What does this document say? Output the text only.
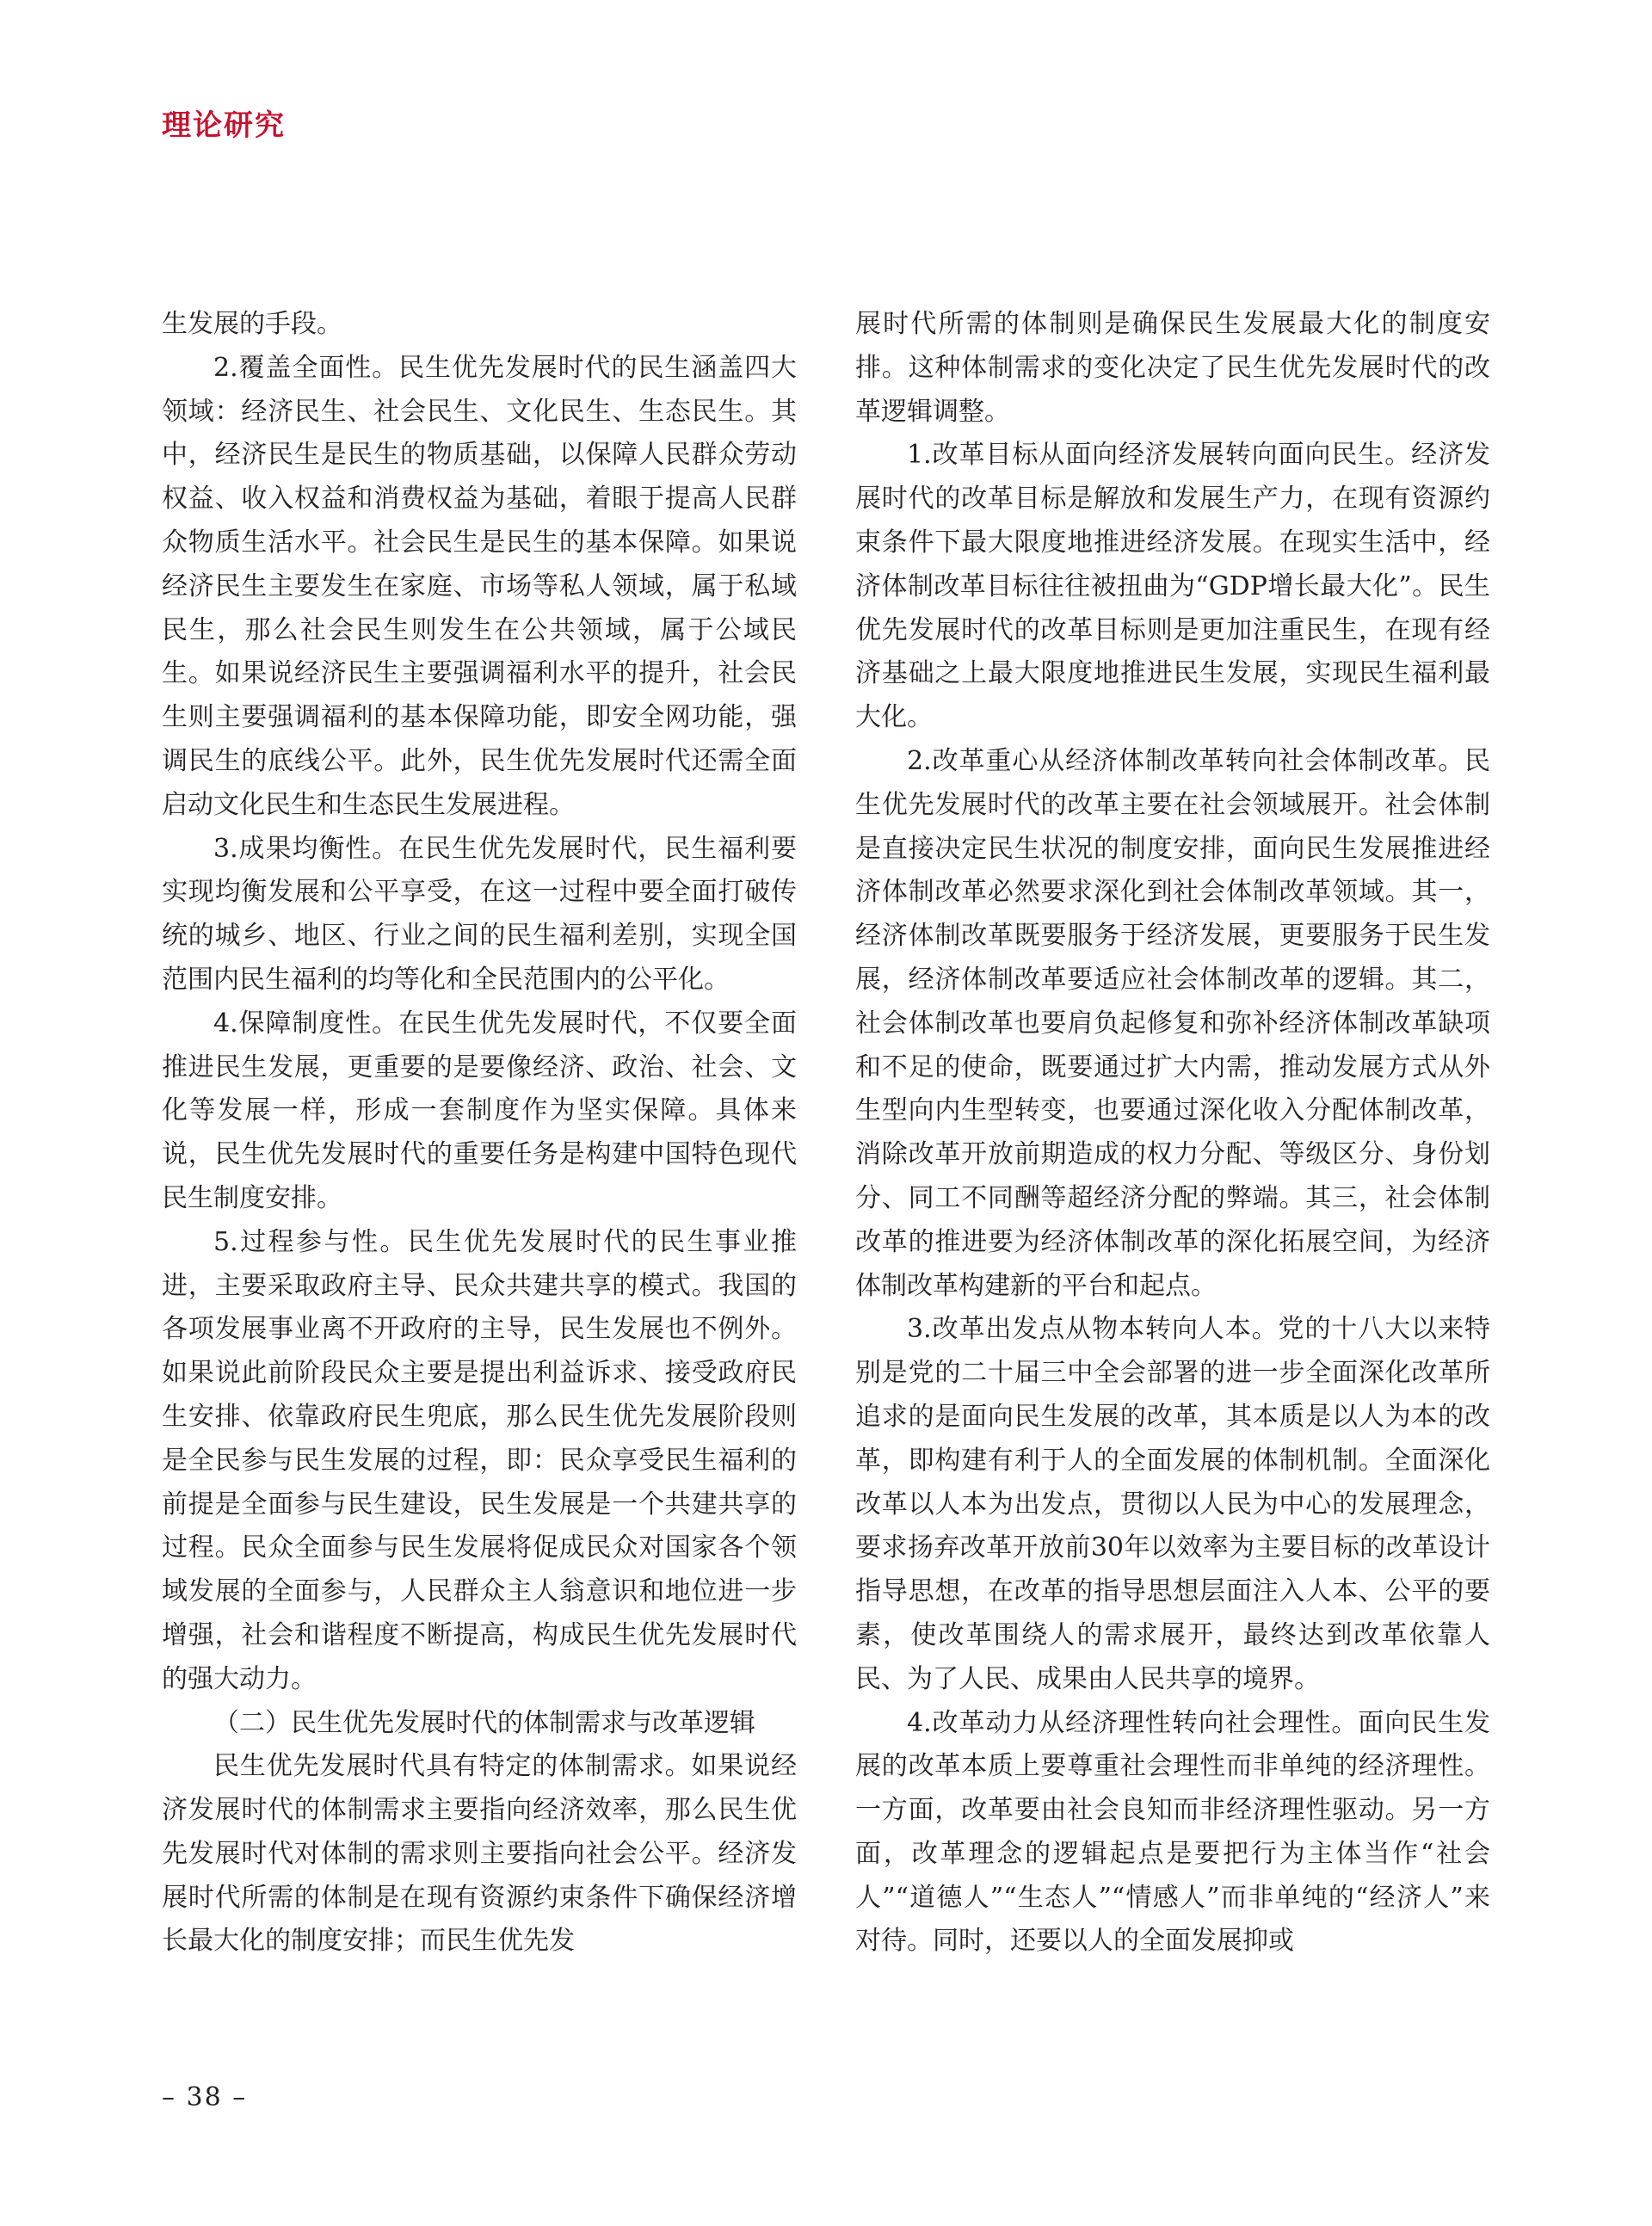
理论研究

生发展的手段。

2.覆盖全面性。民生优先发展时代的民生涵盖四大领域：经济民生、社会民生、文化民生、生态民生。其中，经济民生是民生的物质基础，以保障人民群众劳动权益、收入权益和消费权益为基础，着眼于提高人民群众物质生活水平。社会民生是民生的基本保障。如果说经济民生主要发生在家庭、市场等私人领域，属于私域民生，那么社会民生则发生在公共领域，属于公域民生。如果说经济民生主要强调福利水平的提升，社会民生则主要强调福利的基本保障功能，即安全网功能，强调民生的底线公平。此外，民生优先发展时代还需全面启动文化民生和生态民生发展进程。

3.成果均衡性。在民生优先发展时代，民生福利要实现均衡发展和公平享受，在这一过程中要全面打破传统的城乡、地区、行业之间的民生福利差别，实现全国范围内民生福利的均等化和全民范围内的公平化。

4.保障制度性。在民生优先发展时代，不仅要全面推进民生发展，更重要的是要像经济、政治、社会、文化等发展一样，形成一套制度作为坚实保障。具体来说，民生优先发展时代的重要任务是构建中国特色现代民生制度安排。

5.过程参与性。民生优先发展时代的民生事业推进，主要采取政府主导、民众共建共享的模式。我国的各项发展事业离不开政府的主导，民生发展也不例外。如果说此前阶段民众主要是提出利益诉求、接受政府民生安排、依靠政府民生兜底，那么民生优先发展阶段则是全民参与民生发展的过程，即：民众享受民生福利的前提是全面参与民生建设，民生发展是一个共建共享的过程。民众全面参与民生发展将促成民众对国家各个领域发展的全面参与，人民群众主人翁意识和地位进一步增强，社会和谐程度不断提高，构成民生优先发展时代的强大动力。

（二）民生优先发展时代的体制需求与改革逻辑

民生优先发展时代具有特定的体制需求。如果说经济发展时代的体制需求主要指向经济效率，那么民生优先发展时代对体制的需求则主要指向社会公平。经济发展时代所需的体制是在现有资源约束条件下确保经济增长最大化的制度安排；而民生优先发

展时代所需的体制则是确保民生发展最大化的制度安排。这种体制需求的变化决定了民生优先发展时代的改革逻辑调整。

1.改革目标从面向经济发展转向面向民生。经济发展时代的改革目标是解放和发展生产力，在现有资源约束条件下最大限度地推进经济发展。在现实生活中，经济体制改革目标往往被扭曲为“GDP增长最大化”。民生优先发展时代的改革目标则是更加注重民生，在现有经济基础之上最大限度地推进民生发展，实现民生福利最大化。

2.改革重心从经济体制改革转向社会体制改革。民生优先发展时代的改革主要在社会领域展开。社会体制是直接决定民生状况的制度安排，面向民生发展推进经济体制改革必然要求深化到社会体制改革领域。其一，经济体制改革既要服务于经济发展，更要服务于民生发展，经济体制改革要适应社会体制改革的逻辑。其二，社会体制改革也要肩负起修复和弥补经济体制改革缺项和不足的使命，既要通过扩大内需，推动发展方式从外生型向内生型转变，也要通过深化收入分配体制改革，消除改革开放前期造成的权力分配、等级区分、身份划分、同工不同酬等超经济分配的弊端。其三，社会体制改革的推进要为经济体制改革的深化拓展空间，为经济体制改革构建新的平台和起点。

3.改革出发点从物本转向人本。党的十八大以来特别是党的二十届三中全会部署的进一步全面深化改革所追求的是面向民生发展的改革，其本质是以人为本的改革，即构建有利于人的全面发展的体制机制。全面深化改革以人本为出发点，贯彻以人民为中心的发展理念，要求扬弃改革开放前30年以效率为主要目标的改革设计指导思想，在改革的指导思想层面注入人本、公平的要素，使改革围绕人的需求展开，最终达到改革依靠人民、为了人民、成果由人民共享的境界。

4.改革动力从经济理性转向社会理性。面向民生发展的改革本质上要尊重社会理性而非单纯的经济理性。一方面，改革要由社会良知而非经济理性驱动。另一方面，改革理念的逻辑起点是要把行为主体当作“社会人”“道德人”“生态人”“情感人”而非单纯的“经济人”来对待。同时，还要以人的全面发展抑或

– 38 –
